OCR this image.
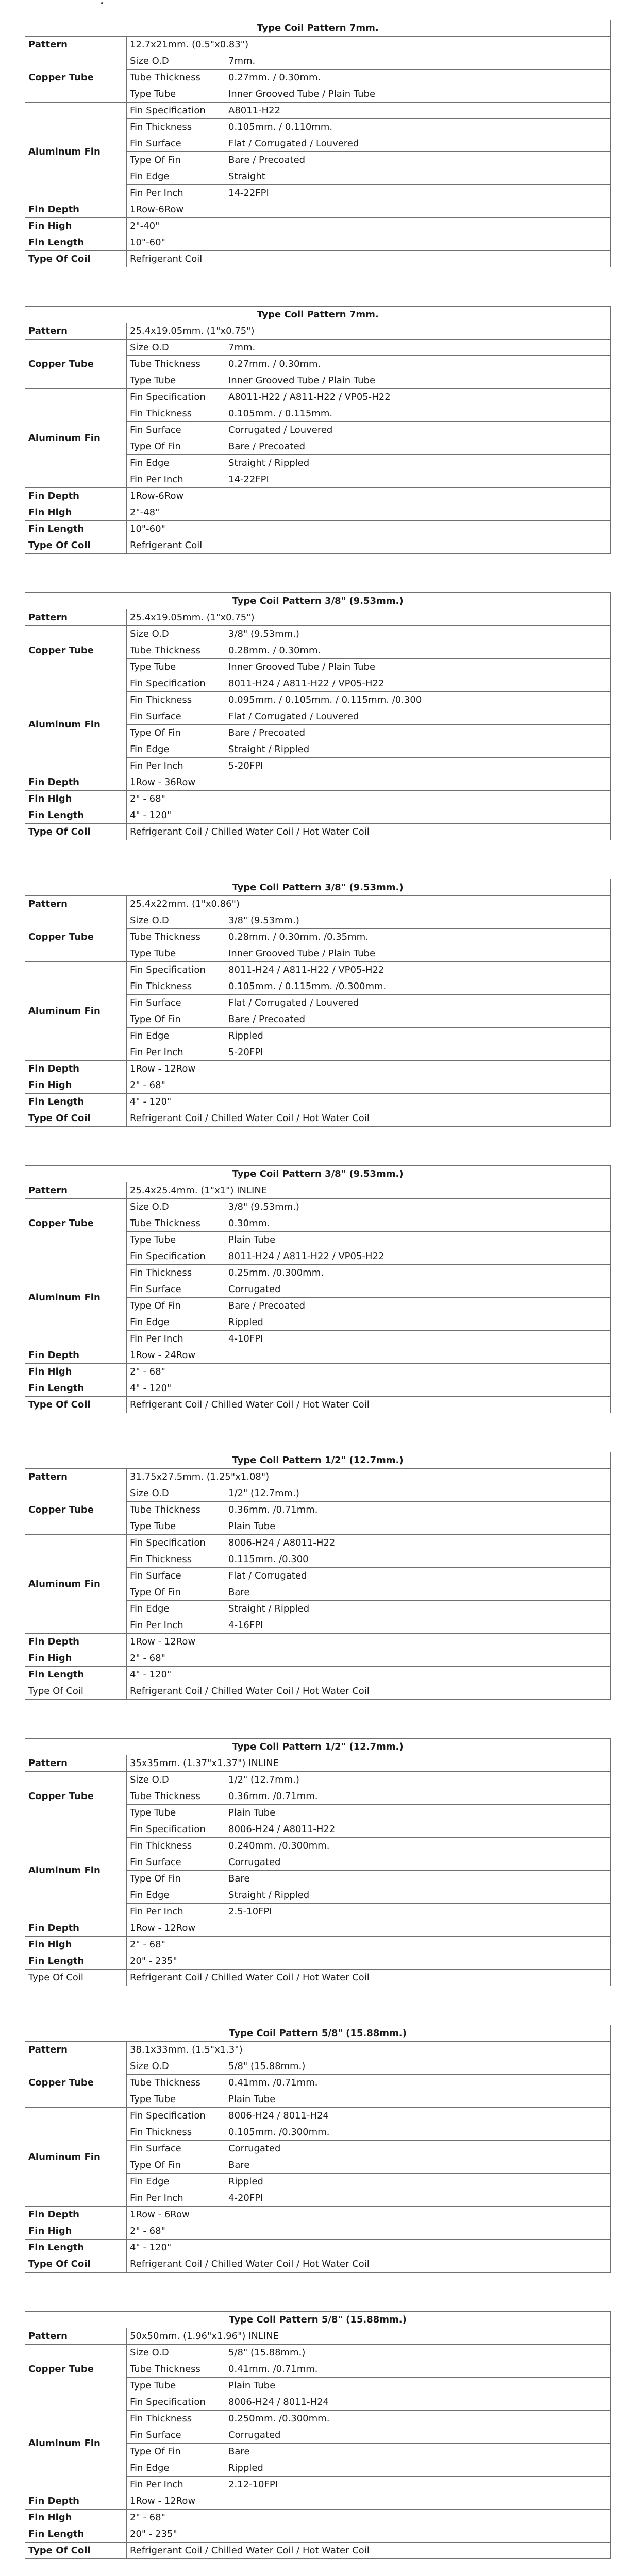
Type Coil Pattern 7mm.		
Pattern	12.7x21mm. (0.5"x0.83")	
Copper Tube	Size O.D	7mm.
	Tube Thickness	0.27mm. / 0.30mm.
	Type Tube	Inner Grooved Tube / Plain Tube
Aluminum Fin	Fin Specification	A8011-H22
	Fin Thickness	0.105mm. / 0.110mm.
	Fin Surface	Flat / Corrugated / Louvered
	Type Of Fin	Bare / Precoated
	Fin Edge	Straight
	Fin Per Inch	14-22FPI
Fin Depth	1Row-6Row	
Fin High	2"-40"	
Fin Length	10"-60"	
Type Of Coil	Refrigerant Coil	
Type Coil Pattern 7mm.		
Pattern	25.4x19.05mm. (1"x0.75")	
Copper Tube	Size O.D	7mm.
	Tube Thickness	0.27mm. / 0.30mm.
	Type Tube	Inner Grooved Tube / Plain Tube
Aluminum Fin	Fin Specification	A8011-H22 / A811-H22 / VP05-H22
	Fin Thickness	0.105mm. / 0.115mm.
	Fin Surface	Corrugated / Louvered
	Type Of Fin	Bare / Precoated
	Fin Edge	Straight / Rippled
	Fin Per Inch	14-22FPI
Fin Depth	1Row-6Row	
Fin High	2"-48"	
Fin Length	10"-60"	
Type Of Coil	Refrigerant Coil	
Type Coil Pattern 3/8" (9.53mm.)		
Pattern	25.4x19.05mm. (1"x0.75")	
Copper Tube	Size O.D	3/8" (9.53mm.)
	Tube Thickness	0.28mm. / 0.30mm.
	Type Tube	Inner Grooved Tube / Plain Tube
Aluminum Fin	Fin Specification	8011-H24 / A811-H22 / VP05-H22
	Fin Thickness	0.095mm. / 0.105mm. / 0.115mm. /0.300
	Fin Surface	Flat / Corrugated / Louvered
	Type Of Fin	Bare / Precoated
	Fin Edge	Straight / Rippled
	Fin Per Inch	5-20FPI
Fin Depth	1Row - 36Row	
Fin High	2" - 68"	
Fin Length	4" - 120"	
Type Of Coil	Refrigerant Coil / Chilled Water Coil / Hot Water Coil	
Type Coil Pattern 3/8" (9.53mm.)		
Pattern	25.4x22mm. (1"x0.86")	
Copper Tube	Size O.D	3/8" (9.53mm.)
	Tube Thickness	0.28mm. / 0.30mm. /0.35mm.
	Type Tube	Inner Grooved Tube / Plain Tube
Aluminum Fin	Fin Specification	8011-H24 / A811-H22 / VP05-H22
	Fin Thickness	0.105mm. / 0.115mm. /0.300mm.
	Fin Surface	Flat / Corrugated / Louvered
	Type Of Fin	Bare / Precoated
	Fin Edge	Rippled
	Fin Per Inch	5-20FPI
Fin Depth	1Row - 12Row	
Fin High	2" - 68"	
Fin Length	4" - 120"	
Type Of Coil	Refrigerant Coil / Chilled Water Coil / Hot Water Coil	
Type Coil Pattern 3/8" (9.53mm.)		
Pattern	25.4x25.4mm. (1"x1") INLINE	
Copper Tube	Size O.D	3/8" (9.53mm.)
	Tube Thickness	0.30mm.
	Type Tube	Plain Tube
Aluminum Fin	Fin Specification	8011-H24 / A811-H22 / VP05-H22
	Fin Thickness	0.25mm. /0.300mm.
	Fin Surface	Corrugated
	Type Of Fin	Bare / Precoated
	Fin Edge	Rippled
	Fin Per Inch	4-10FPI
Fin Depth	1Row - 24Row	
Fin High	2" - 68"	
Fin Length	4" - 120"	
Type Of Coil	Refrigerant Coil / Chilled Water Coil / Hot Water Coil	
Type Coil Pattern 1/2" (12.7mm.)		
Pattern	31.75x27.5mm. (1.25"x1.08")	
Copper Tube	Size O.D	1/2" (12.7mm.)
	Tube Thickness	0.36mm. /0.71mm.
	Type Tube	Plain Tube
Aluminum Fin	Fin Specification	8006-H24 / A8011-H22
	Fin Thickness	0.115mm. /0.300
	Fin Surface	Flat / Corrugated
	Type Of Fin	Bare
	Fin Edge	Straight / Rippled
	Fin Per Inch	4-16FPI
Fin Depth	1Row - 12Row	
Fin High	2" - 68"	
Fin Length	4" - 120"	
Type Of Coil	Refrigerant Coil / Chilled Water Coil / Hot Water Coil	
Type Coil Pattern 1/2" (12.7mm.)		
Pattern	35x35mm. (1.37"x1.37") INLINE	
Copper Tube	Size O.D	1/2" (12.7mm.)
	Tube Thickness	0.36mm. /0.71mm.
	Type Tube	Plain Tube
Aluminum Fin	Fin Specification	8006-H24 / A8011-H22
	Fin Thickness	0.240mm. /0.300mm.
	Fin Surface	Corrugated
	Type Of Fin	Bare
	Fin Edge	Straight / Rippled
	Fin Per Inch	2.5-10FPI
Fin Depth	1Row - 12Row	
Fin High	2" - 68"	
Fin Length	20" - 235"	
Type Of Coil	Refrigerant Coil / Chilled Water Coil / Hot Water Coil	
Type Coil Pattern 5/8" (15.88mm.)		
Pattern	38.1x33mm. (1.5"x1.3")	
Copper Tube	Size O.D	5/8" (15.88mm.)
	Tube Thickness	0.41mm. /0.71mm.
	Type Tube	Plain Tube
Aluminum Fin	Fin Specification	8006-H24 / 8011-H24
	Fin Thickness	0.105mm. /0.300mm.
	Fin Surface	Corrugated
	Type Of Fin	Bare
	Fin Edge	Rippled
	Fin Per Inch	4-20FPI
Fin Depth	1Row - 6Row	
Fin High	2" - 68"	
Fin Length	4" - 120"	
Type Of Coil	Refrigerant Coil / Chilled Water Coil / Hot Water Coil	
Type Coil Pattern 5/8" (15.88mm.)		
Pattern	50x50mm. (1.96"x1.96") INLINE	
Copper Tube	Size O.D	5/8" (15.88mm.)
	Tube Thickness	0.41mm. /0.71mm.
	Type Tube	Plain Tube
Aluminum Fin	Fin Specification	8006-H24 / 8011-H24
	Fin Thickness	0.250mm. /0.300mm.
	Fin Surface	Corrugated
	Type Of Fin	Bare
	Fin Edge	Rippled
	Fin Per Inch	2.12-10FPI
Fin Depth	1Row - 12Row	
Fin High	2" - 68"	
Fin Length	20" - 235"	
Type Of Coil	Refrigerant Coil / Chilled Water Coil / Hot Water Coil	
